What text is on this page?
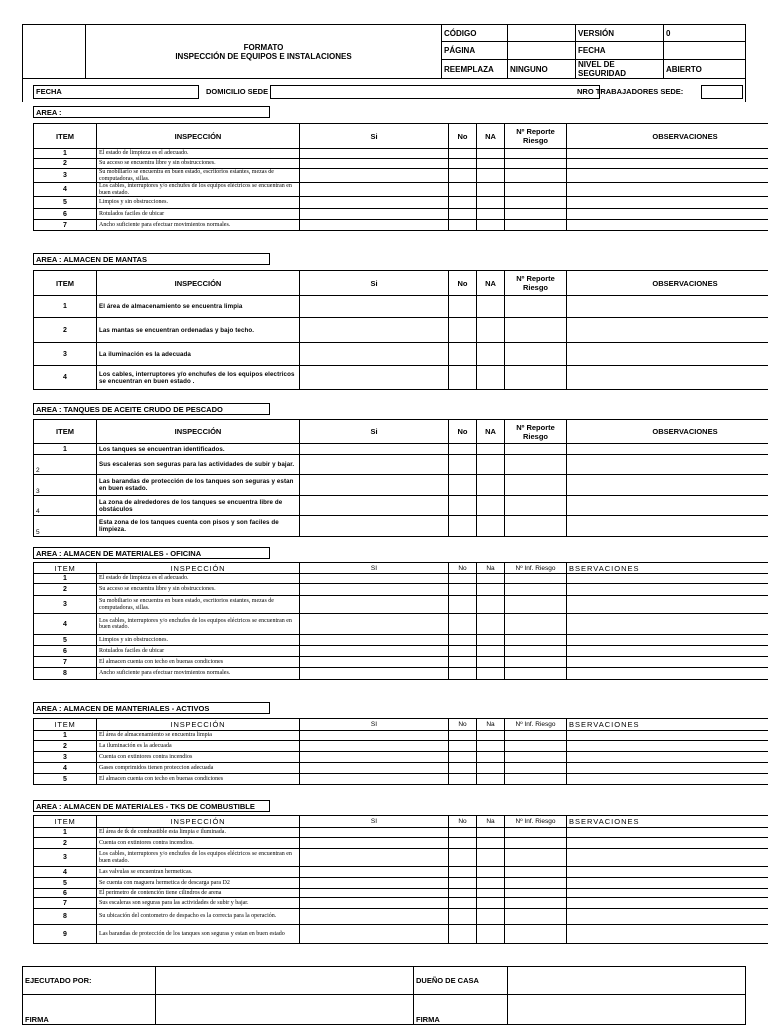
	FORMATO
INSPECCIÓN DE EQUIPOS E INSTALACIONES	CÓDIGO		VERSIÓN	0
		PÁGINA		FECHA	
		REEMPLAZA	NINGUNO	NIVEL DE SEGURIDAD	ABIERTO

FECHA	DOMICILIO SEDE	NRO TRABAJADORES SEDE:
AREA :
ITEM	INSPECCIÓN	Si	No	NA	Nº Reporte Riesgo	OBSERVACIONES
1	El estado de limpieza es el adecuado.					
2	Su acceso se encuentra libre y sin obstrucciones.					
3	Su mobiliario se encuentra en buen estado, escritorios estantes, mezas de computadoras, sillas.					
4	Los cables, interruptores y/o enchufes de los equipos eléctricos se encuentran en buen estado.					
5	Limpios y sin obstrucciones.					
6	Rotulados faciles de ubicar					
7	Ancho suficiente para efectuar movimientos normales.					
AREA : ALMACEN DE MANTAS
ITEM	INSPECCIÓN	Si	No	NA	Nº Reporte Riesgo	OBSERVACIONES
1	El área de almacenamiento se encuentra limpia					
2	Las mantas se encuentran ordenadas y bajo techo.					
3	La iluminación es la adecuada					
4	Los cables, interruptores y/o enchufes de los equipos electricos se encuentran en buen estado .					
AREA : TANQUES DE ACEITE CRUDO DE PESCADO
ITEM	INSPECCIÓN	Si	No	NA	Nº Reporte Riesgo	OBSERVACIONES
1	Los tanques se encuentran identificados.					
2	Sus escaleras son seguras para las actividades de subir y bajar.					
3	Las barandas de protección de los tanques son seguras y estan en buen estado.					
4	La zona de alrededores de los tanques se encuentra libre de obstáculos					
5	Esta zona de los tanques cuenta con pisos y son faciles de limpieza.					
AREA : ALMACEN DE MATERIALES - OFICINA
ITEM	INSPECCIÓN	SI	No	Na	Nº Inf. Riesgo	BSERVACIONES
1	El estado de limpieza es el adecuado.					
2	Su acceso se encuentra libre y sin obstrucciones.					
3	Su mobiliario se encuentra en buen estado, escritorios estantes, mezas de computadoras, sillas.					
4	Los cables, interruptores y/o enchufes de los equipos eléctricos se encuentran en buen estado.					
5	Limpios y sin obstrucciones.					
6	Rotulados faciles de ubicar					
7	El almacen cuenta con techo en buenas condiciones					
8	Ancho suficiente para efectuar movimientos normales.					
AREA : ALMACEN DE MANTERIALES - ACTIVOS
ITEM	INSPECCIÓN	SI	No	Na	Nº Inf. Riesgo	BSERVACIONES
1	El área de almacenamiento se encuentra limpia					
2	La iluminación es la adecuada					
3	Cuenta con extintores contra incendios					
4	Gases comprimidos tienen proteccion adecuada					
5	El almacen cuenta con techo en buenas condiciones					
AREA : ALMACEN DE MATERIALES - TKS DE COMBUSTIBLE
ITEM	INSPECCIÓN	SI	No	Na	Nº Inf. Riesgo	BSERVACIONES
1	El área de tk de combustible esta limpia e iluminada.					
2	Cuenta con extintores contra incendios.					
3	Los cables, interruptores y/o enchufes de los equipos eléctricos se encuentran en buen estado.					
4	Las valvulas se encuentran hermeticas.					
5	Se cuenta con maguera hermetica de descarga para D2					
6	El perimetro de contención tiene cilindros de arena					
7	Sus escaleras son seguras para las actividades de subir y bajar.					
8	Su ubicación del contometro de despacho es la correcta para la operación.					
9	Las barandas de protección de los tanques son seguras y estan en buen estado					
EJECUTADO POR:		DUEÑO DE CASA	
FIRMA		FIRMA	
